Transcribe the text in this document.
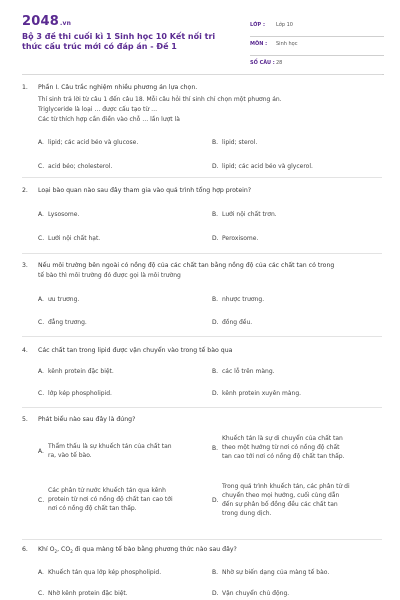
2048.vn
Bộ 3 đề thi cuối kì 1 Sinh học 10 Kết nối tri thức cấu trúc mới có đáp án - Đề 1
LỚP : Lớp 10
MÔN : Sinh học
SỐ CÂU : 28
1. Phần I. Câu trắc nghiệm nhiều phương án lựa chọn.
Thí sinh trả lời từ câu 1 đến câu 18. Mỗi câu hỏi thí sinh chỉ chọn một phương án.
Triglyceride là loại … được cấu tạo từ …
Các từ thích hợp cần điền vào chỗ … lần lượt là
A. lipid; các acid béo và glucose.	B. lipid; sterol.
C. acid béo; cholesterol.	D. lipid; các acid béo và glycerol.
2. Loại bào quan nào sau đây tham gia vào quá trình tổng hợp protein?
A. Lysosome.	B. Lưới nội chất trơn.
C. Lưới nội chất hạt.	D. Peroxisome.
3. Nếu môi trường bên ngoài có nồng độ của các chất tan bằng nồng độ của các chất tan có trong
tế bào thì môi trường đó được gọi là môi trường
A. ưu trương.	B. nhược trương.
C. đẳng trương.	D. đồng đều.
4. Các chất tan trong lipid được vận chuyển vào trong tế bào qua
A. kênh protein đặc biệt.	B. các lỗ trên màng.
C. lớp kép phospholipid.	D. kênh protein xuyên màng.
5. Phát biểu nào sau đây là đúng?
A.
Thẩm thấu là sự khuếch tán của chất tan
ra, vào tế bào.
B.
Khuếch tán là sự di chuyển của chất tan
theo một hướng từ nơi có nồng độ chất
tan cao tới nơi có nồng độ chất tan thấp.
C.
Các phân tử nước khuếch tán qua kênh
protein từ nơi có nồng độ chất tan cao tới
nơi có nồng độ chất tan thấp.
D.
Trong quá trình khuếch tán, các phân tử di
chuyển theo mọi hướng, cuối cùng dẫn
đến sự phân bố đồng đều các chất tan
trong dung dịch.
6. Khí $O_2$, $CO_2$ đi qua màng tế bào bằng phương thức nào sau đây?
A. Khuếch tán qua lớp kép phospholipid.	B. Nhờ sự biến dạng của màng tế bào.
C. Nhờ kênh protein đặc biệt.	D. Vận chuyển chủ động.
